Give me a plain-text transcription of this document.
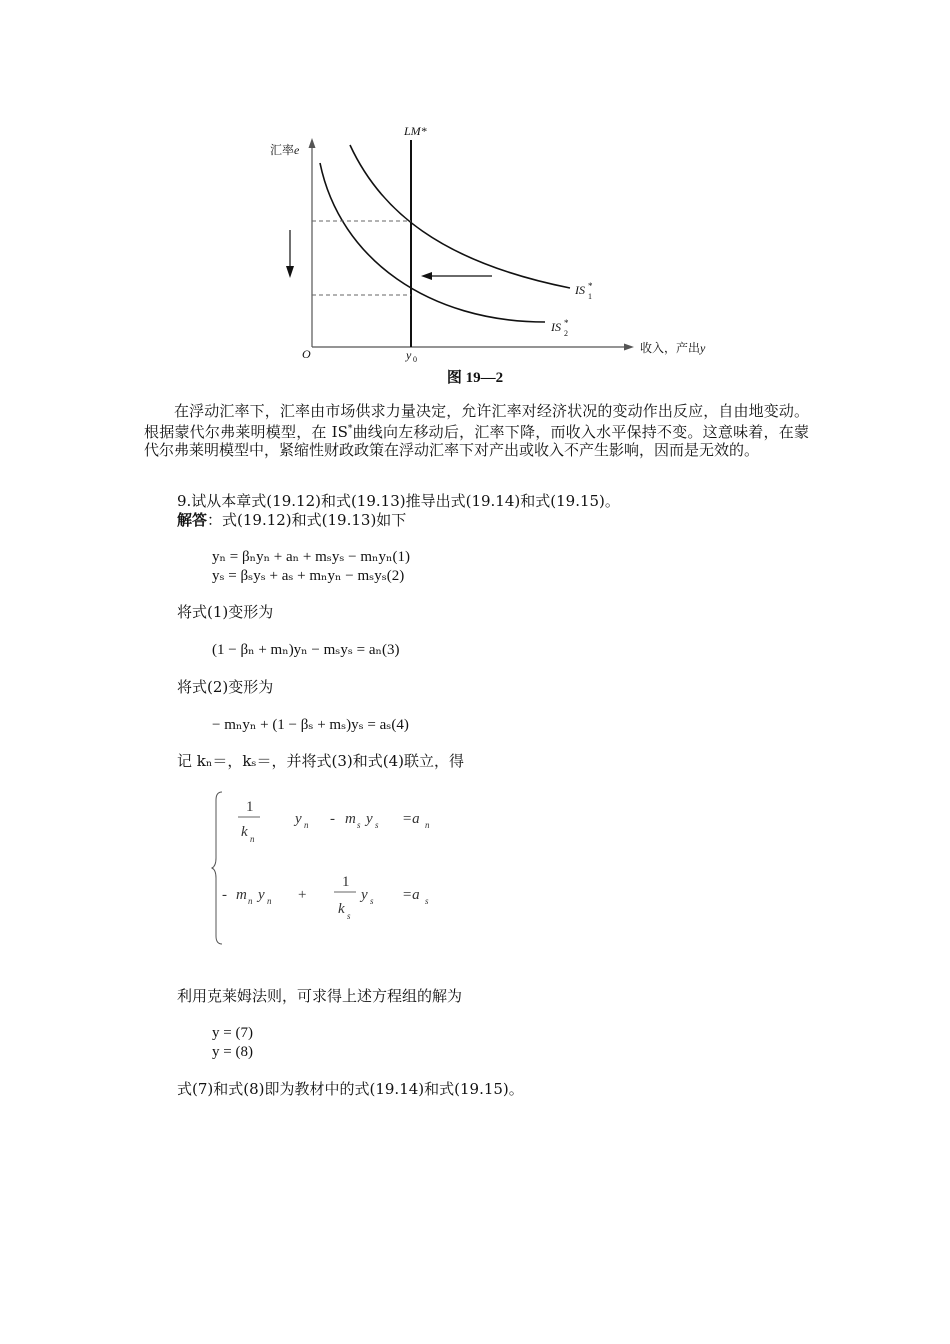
汇率e
LM*
IS *
1
IS *
2
O	y 0
收入，产出y
图 19—2
在浮动汇率下，汇率由市场供求力量决定，允许汇率对经济状况的变动作出反应，自由地变动。根据蒙代尔弗莱明模型，在 IS*曲线向左移动后，汇率下降，而收入水平保持不变。这意味着，在蒙代尔弗莱明模型中，紧缩性财政政策在浮动汇率下对产出或收入不产生影响，因而是无效的。
9.试从本章式(19.12)和式(19.13)推导出式(19.14)和式(19.15)。
解答：式(19.12)和式(19.13)如下
yₙ = βₙyₙ + aₙ + mₛyₛ − mₙyₙ(1)
yₛ = βₛyₛ + aₛ + mₙyₙ − mₛyₛ(2)
将式(1)变形为
(1 − βₙ + mₙ)yₙ − mₛyₛ = aₙ(3)
将式(2)变形为
− mₙyₙ + (1 − βₛ + mₛ)yₛ = aₛ(4)
记 kₙ＝，kₛ＝，并将式(3)和式(4)联立，得
1
k n
y n - m s y s =a n
- m n y n +
1
k s
y s =a s
利用克莱姆法则，可求得上述方程组的解为
y = (7)
y = (8)
式(7)和式(8)即为教材中的式(19.14)和式(19.15)。
